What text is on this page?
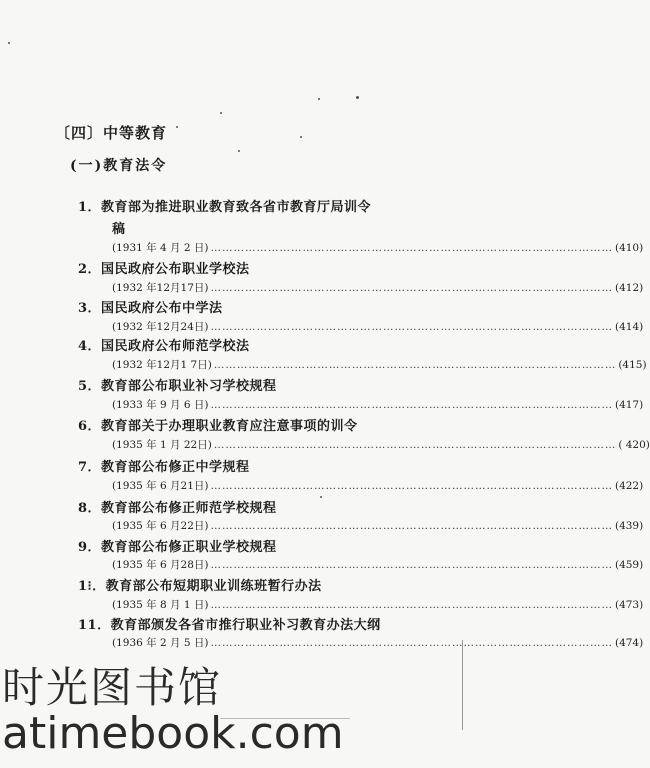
〔四〕中等教育
(一)教育法令
1．教育部为推进职业教育致各省市教育厅局训令
稿
(1931 年 4 月 2 日) …………………………………………………………………………………………… (410)
2．国民政府公布职业学校法
(1932 年12月17日) …………………………………………………………………………………………… (412)
3．国民政府公布中学法
(1932 年12月24日) …………………………………………………………………………………………… (414)
4．国民政府公布师范学校法
(1932 年12月1 7日) …………………………………………………………………………………………… (415)
5．教育部公布职业补习学校规程
(1933 年 9 月 6 日) …………………………………………………………………………………………… (417)
6．教育部关于办理职业教育应注意事项的训令
(1935 年 1 月 22日) …………………………………………………………………………………………… ( 420)
7．教育部公布修正中学规程
(1935 年 6 月21日) …………………………………………………………………………………………… (422)
8．教育部公布修正师范学校规程
(1935 年 6 月22日) …………………………………………………………………………………………… (439)
9．教育部公布修正职业学校规程
(1935 年 6 月28日) …………………………………………………………………………………………… (459)
1⁝．教育部公布短期职业训练班暂行办法
(1935 年 8 月 1 日) …………………………………………………………………………………………… (473)
11．教育部颁发各省市推行职业补习教育办法大纲
(1936 年 2 月 5 日) …………………………………………………………………………………………… (474)
时光图书馆
atimebook.com
